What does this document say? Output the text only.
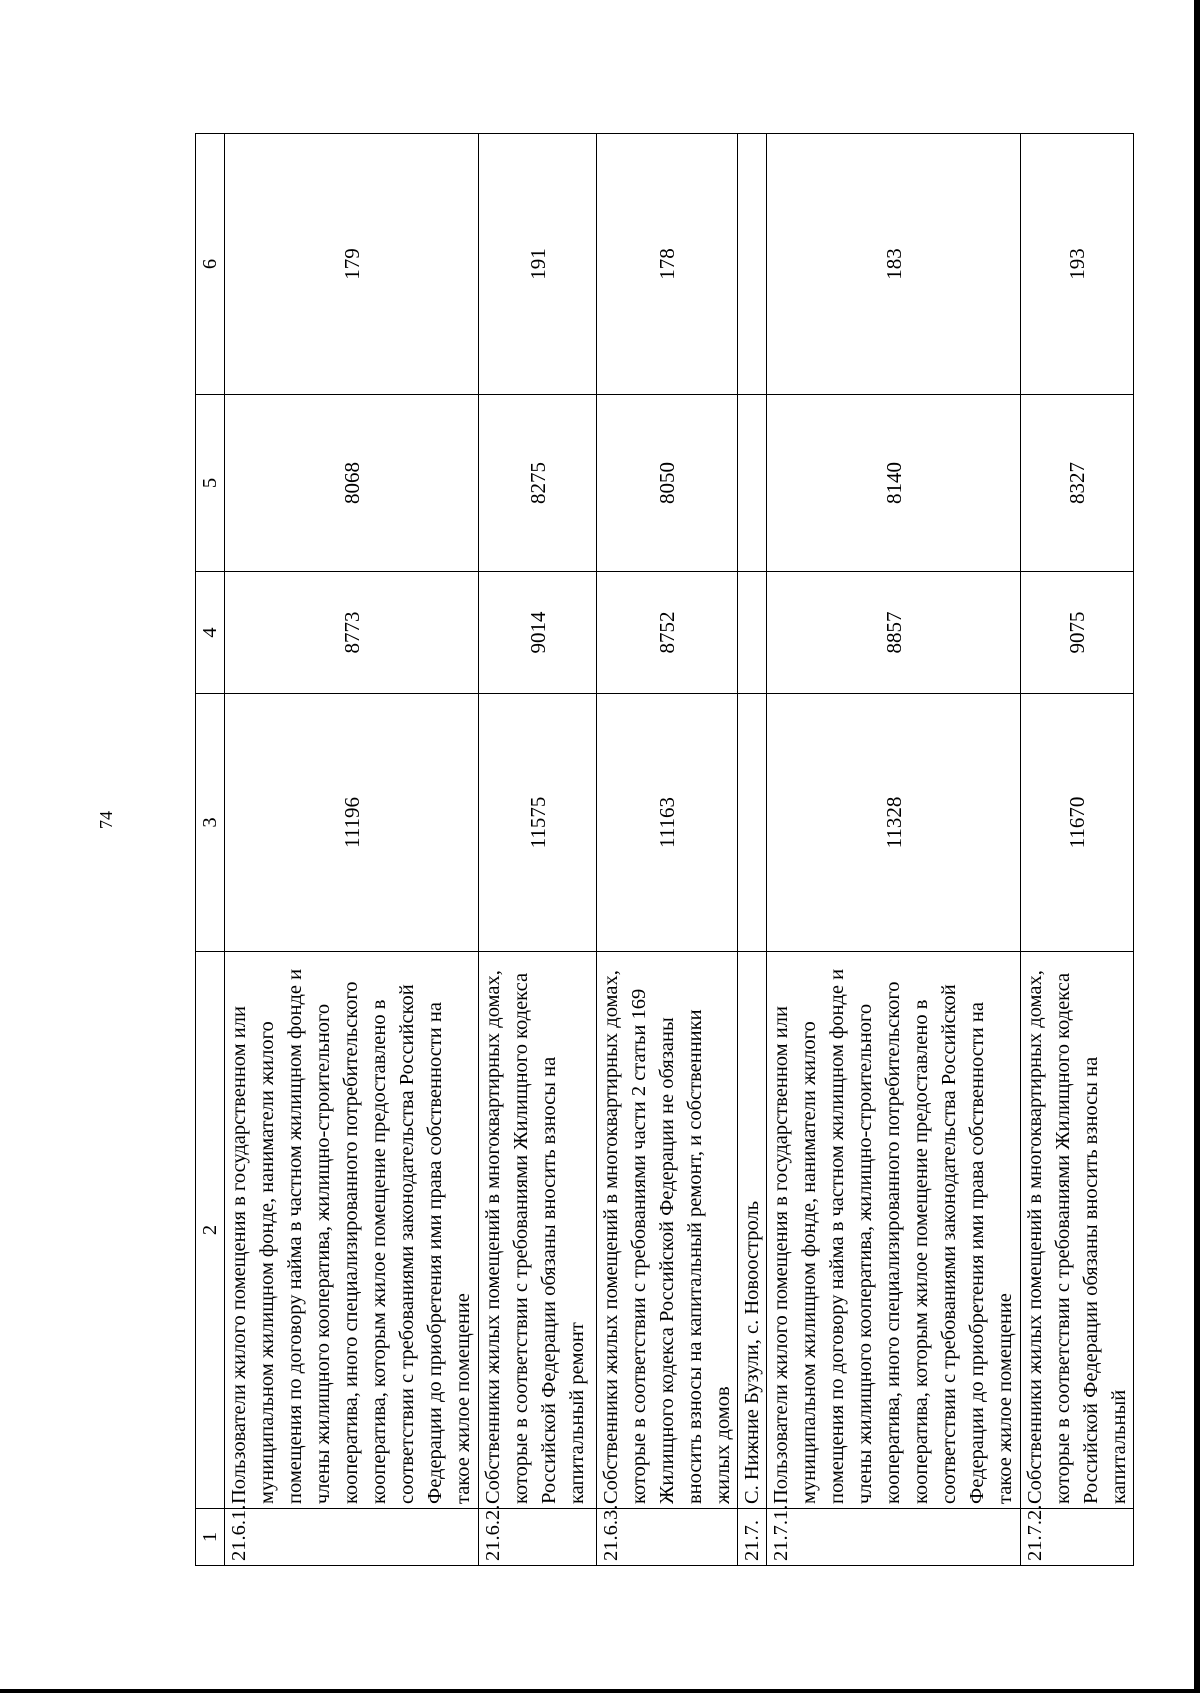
74
1	2	3	4	5	6
21.6.1.	Пользователи жилого помещения в государственном или муниципальном жилищном фонде, наниматели жилого помещения по договору найма в частном жилищном фонде и члены жилищного кооператива, жилищно-строительного кооператива, иного специализированного потребительского кооператива, которым жилое помещение предоставлено в соответствии с требованиями законодательства Российской Федерации до приобретения ими права собственности на такое жилое помещение	11196	8773	8068	179
21.6.2.	Собственники жилых помещений в многоквартирных домах, которые в соответствии с требованиями Жилищного кодекса Российской Федерации обязаны вносить взносы на капитальный ремонт	11575	9014	8275	191
21.6.3.	Собственники жилых помещений в многоквартирных домах, которые в соответствии с требованиями части 2 статьи 169 Жилищного кодекса Российской Федерации не обязаны вносить взносы на капитальный ремонт, и собственники жилых домов	11163	8752	8050	178
21.7.	С. Нижние Бузули, с. Новоостроль				
21.7.1.	Пользователи жилого помещения в государственном или муниципальном жилищном фонде, наниматели жилого помещения по договору найма в частном жилищном фонде и члены жилищного кооператива, жилищно-строительного кооператива, иного специализированного потребительского кооператива, которым жилое помещение предоставлено в соответствии с требованиями законодательства Российской Федерации до приобретения ими права собственности на такое жилое помещение	11328	8857	8140	183
21.7.2.	Собственники жилых помещений в многоквартирных домах, которые в соответствии с требованиями Жилищного кодекса Российской Федерации обязаны вносить взносы на капитальный	11670	9075	8327	193
